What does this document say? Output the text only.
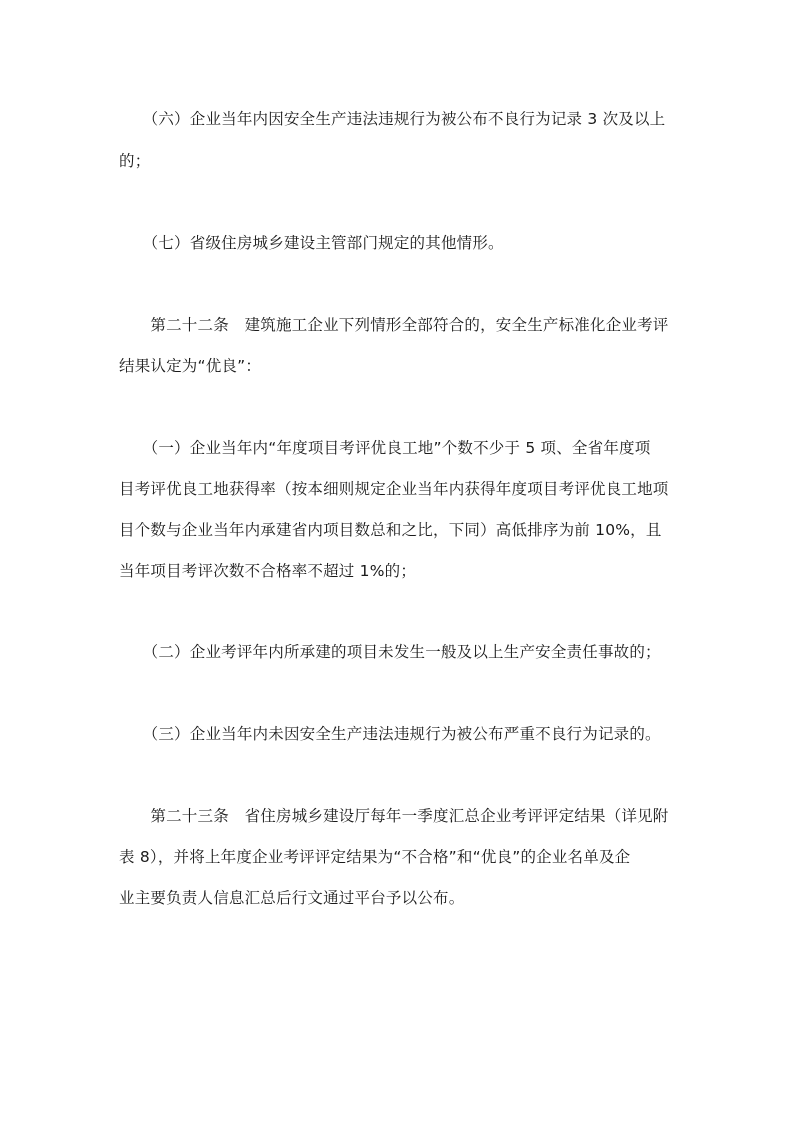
　　（六）企业当年内因安全生产违法违规行为被公布不良行为记录 3 次及以上
的；
　　（七）省级住房城乡建设主管部门规定的其他情形。
　　第二十二条　建筑施工企业下列情形全部符合的，安全生产标准化企业考评
结果认定为“优良”：
　　（一）企业当年内“年度项目考评优良工地”个数不少于 5 项、全省年度项
目考评优良工地获得率（按本细则规定企业当年内获得年度项目考评优良工地项
目个数与企业当年内承建省内项目数总和之比，下同）高低排序为前 10%，且
当年项目考评次数不合格率不超过 1%的；
　　（二）企业考评年内所承建的项目未发生一般及以上生产安全责任事故的；
　　（三）企业当年内未因安全生产违法违规行为被公布严重不良行为记录的。
　　第二十三条　省住房城乡建设厅每年一季度汇总企业考评评定结果（详见附
表 8），并将上年度企业考评评定结果为“不合格”和“优良”的企业名单及企
业主要负责人信息汇总后行文通过平台予以公布。
